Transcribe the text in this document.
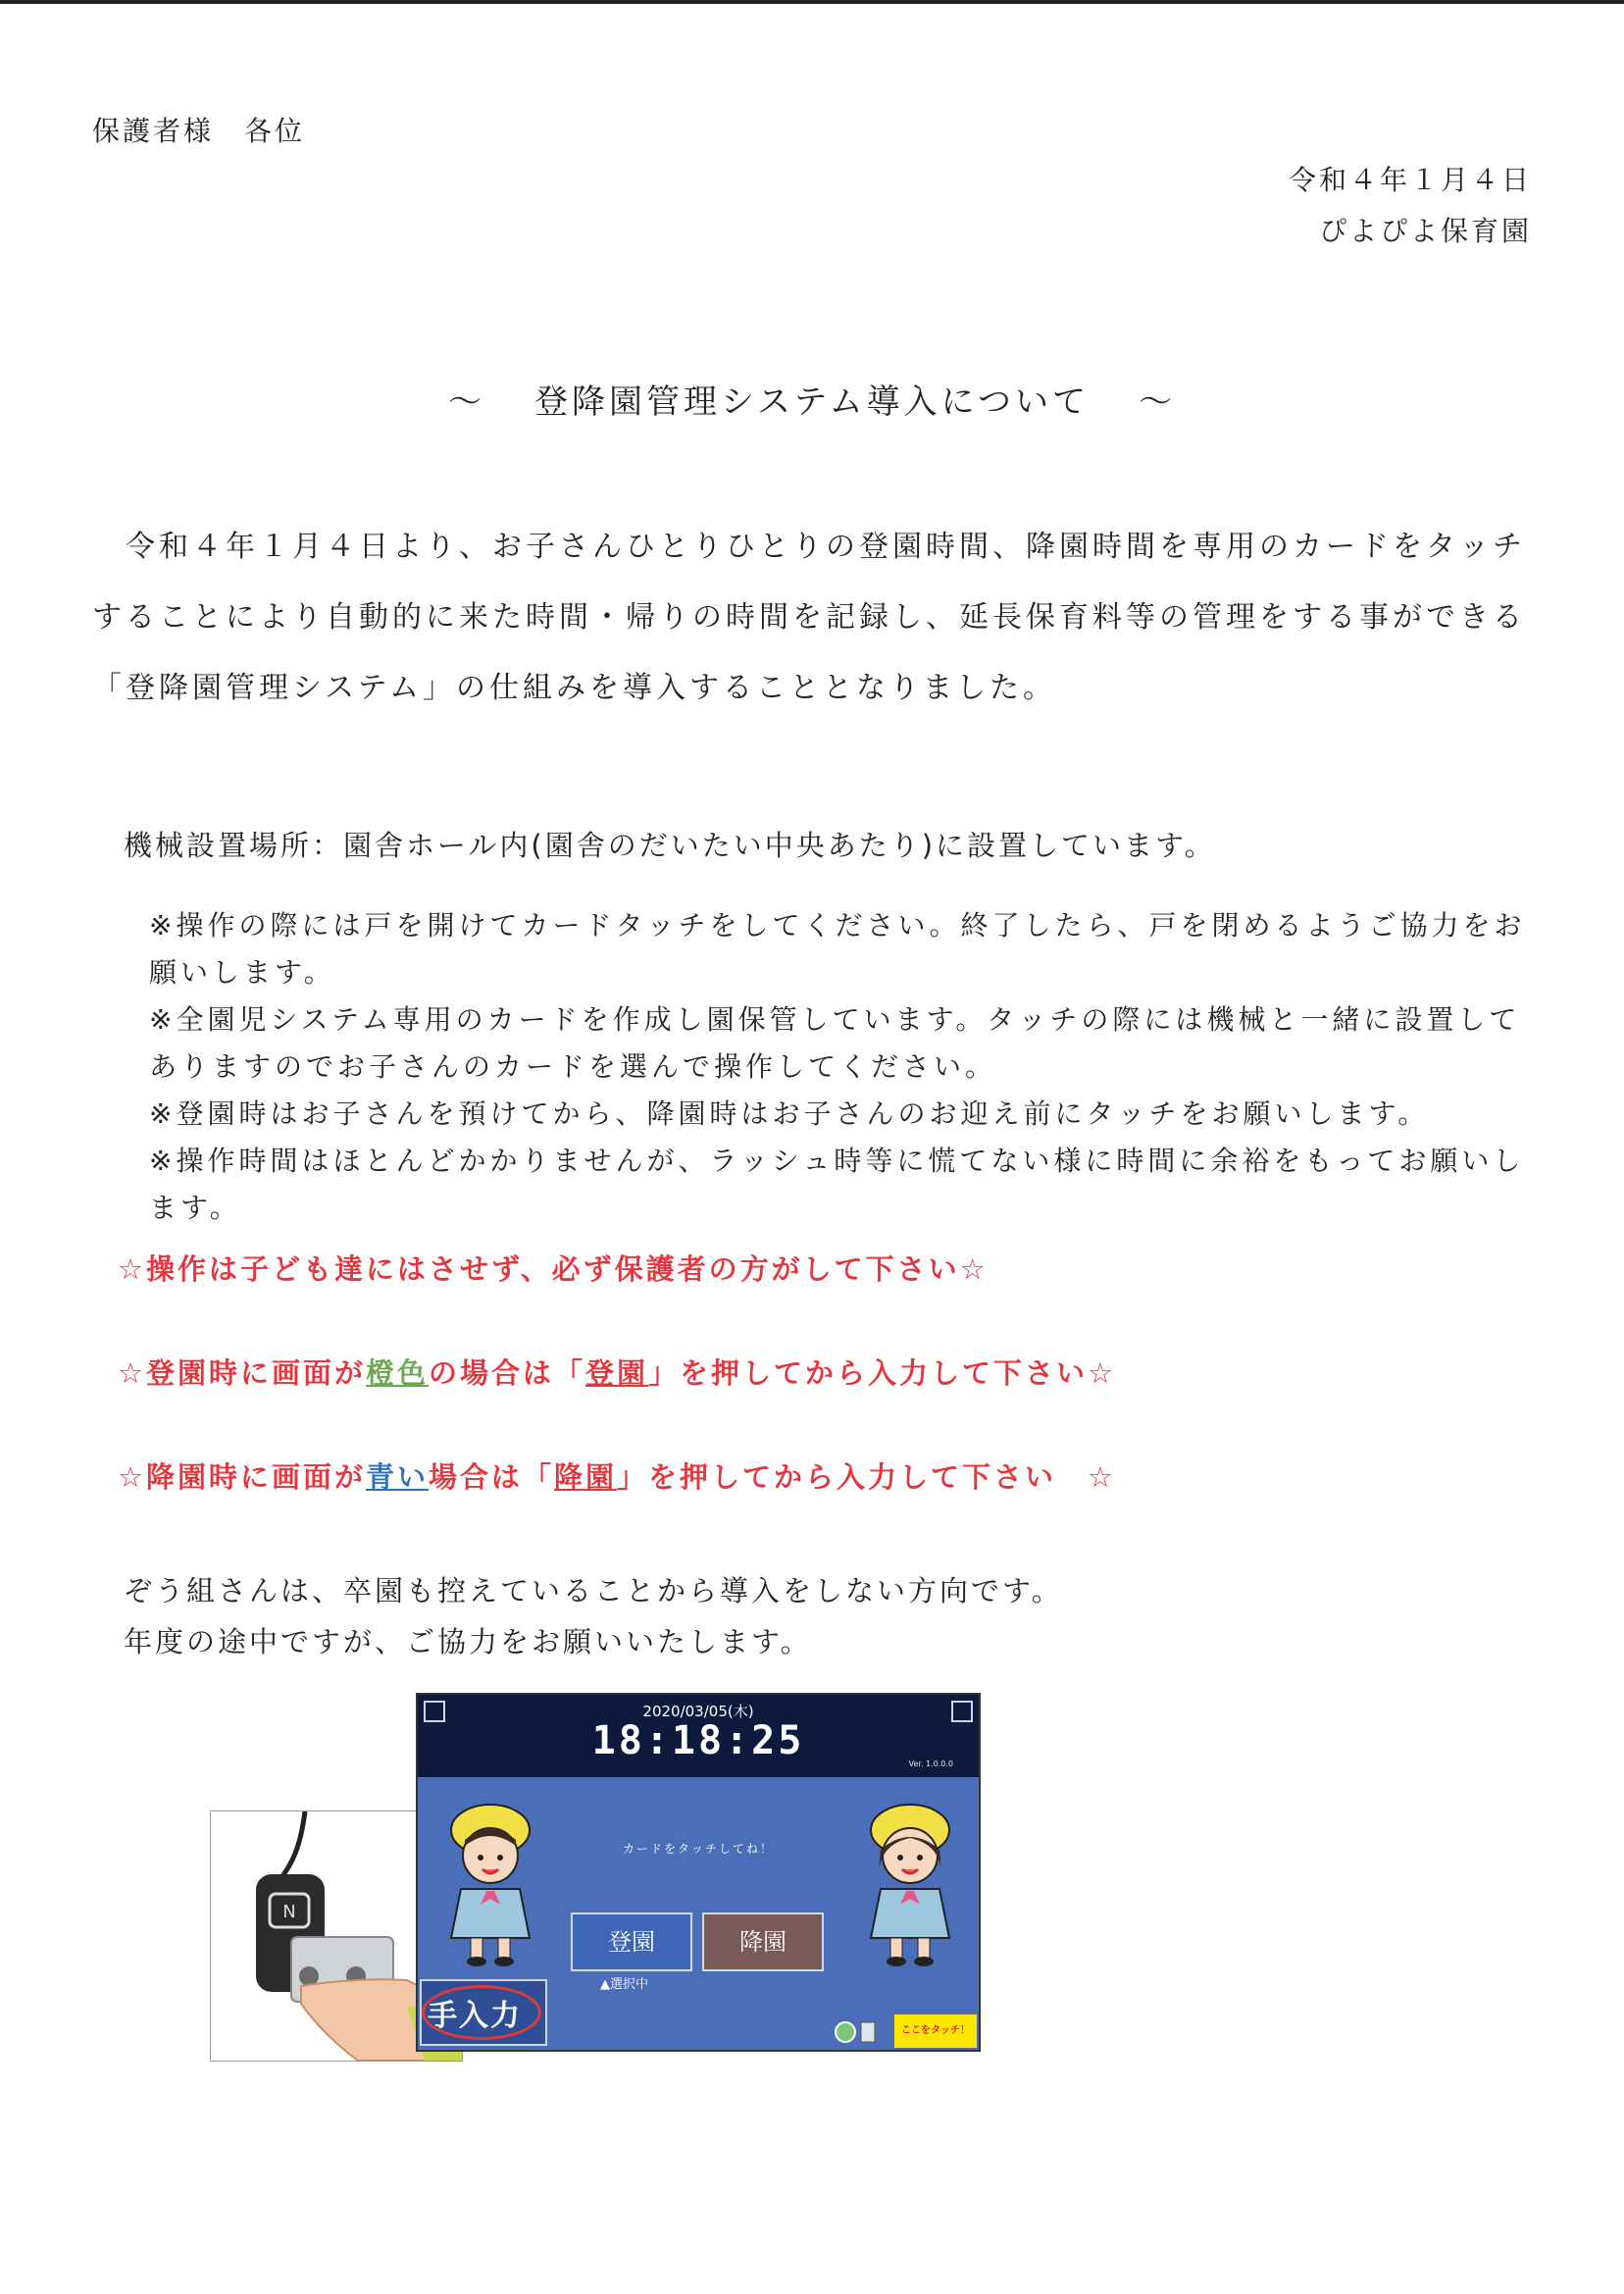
保護者様　各位
令和４年１月４日
ぴよぴよ保育園
～ 登降園管理システム導入について ～
令和４年１月４日より、お子さんひとりひとりの登園時間、降園時間を専用のカードをタッチすることにより自動的に来た時間・帰りの時間を記録し、延長保育料等の管理をする事ができる「登降園管理システム」の仕組みを導入することとなりました。
機械設置場所：園舎ホール内(園舎のだいたい中央あたり)に設置しています。
※操作の際には戸を開けてカードタッチをしてください。終了したら、戸を閉めるようご協力をお願いします。
※全園児システム専用のカードを作成し園保管しています。タッチの際には機械と一緒に設置してありますのでお子さんのカードを選んで操作してください。
※登園時はお子さんを預けてから、降園時はお子さんのお迎え前にタッチをお願いします。
※操作時間はほとんどかかりませんが、ラッシュ時等に慌てない様に時間に余裕をもってお願いします。
☆操作は子ども達にはさせず、必ず保護者の方がして下さい☆
☆登園時に画面が橙色の場合は「登園」を押してから入力して下さい☆
☆降園時に画面が青い場合は「降園」を押してから入力して下さい　☆
ぞう組さんは、卒園も控えていることから導入をしない方向です。
年度の途中ですが、ご協力をお願いいたします。
N
2020/03/05(木)
18:18:25
Ver. 1.0.0.0
カードをタッチしてね！
登園	降園
▲選択中
手入力	ここをタッチ！
